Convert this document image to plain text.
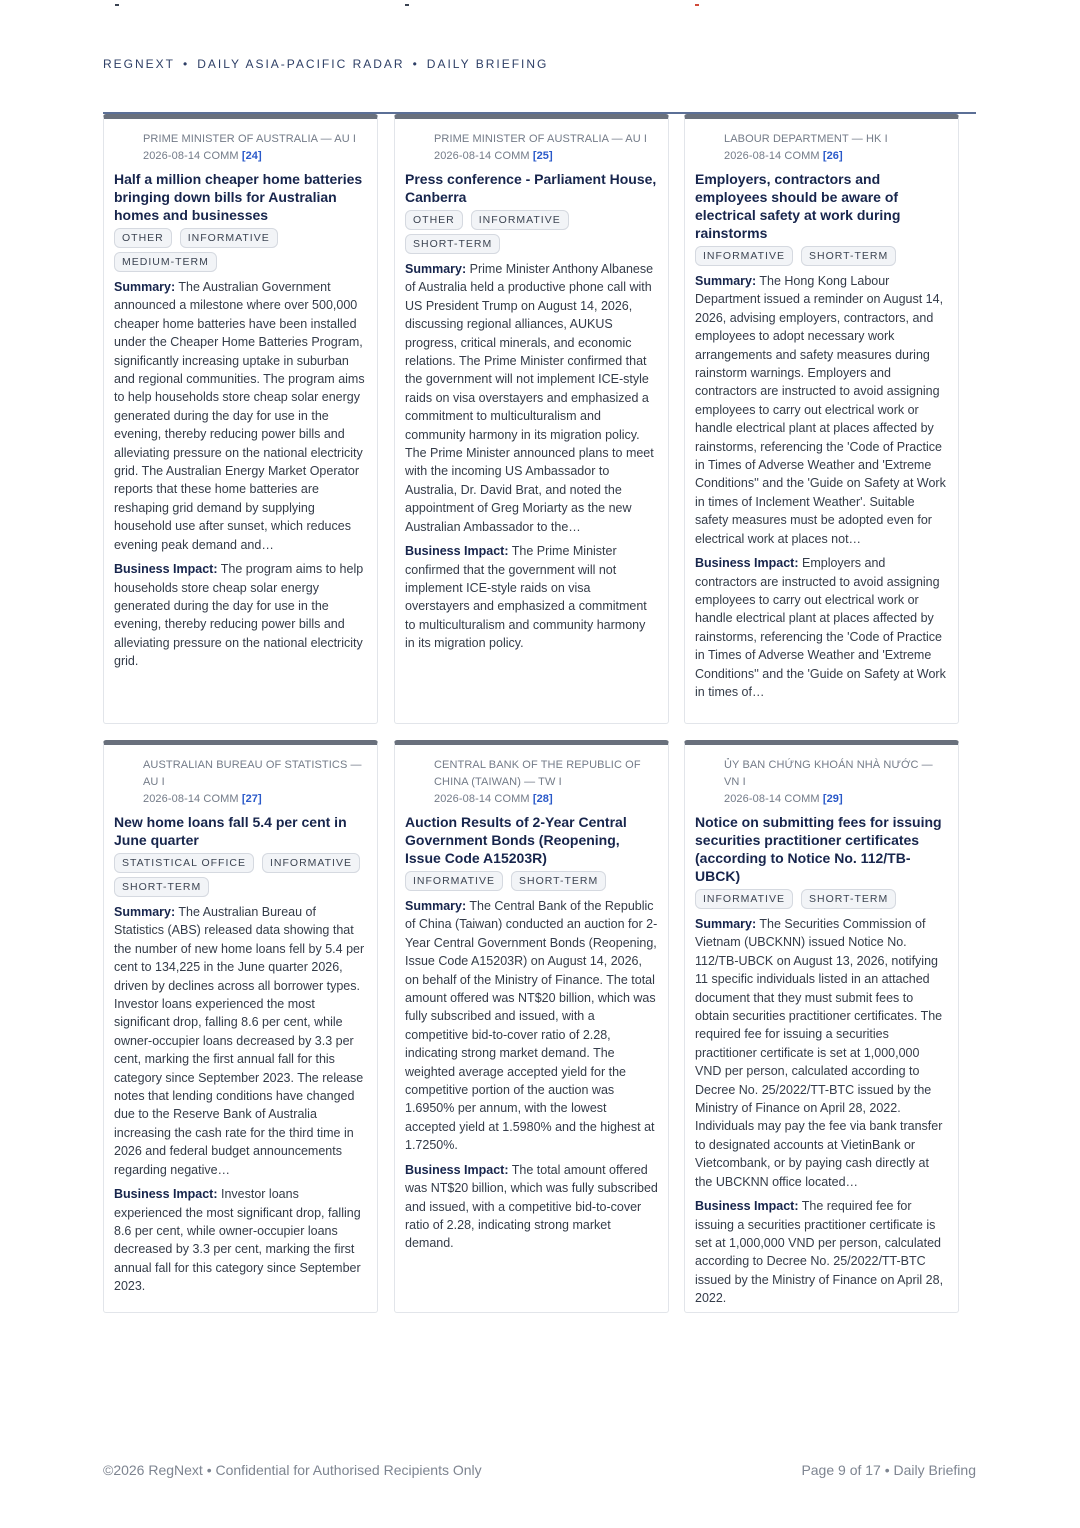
REGNEXT • DAILY ASIA-PACIFIC RADAR • DAILY BRIEFING
PRIME MINISTER OF AUSTRALIA — AU I
2026-08-14 COMM [24]
Half a million cheaper home batteries bringing down bills for Australian homes and businesses
OTHER	INFORMATIVE
MEDIUM-TERM
Summary: The Australian Government announced a milestone where over 500,000 cheaper home batteries have been installed under the Cheaper Home Batteries Program, significantly increasing uptake in suburban and regional communities. The program aims to help households store cheap solar energy generated during the day for use in the evening, thereby reducing power bills and alleviating pressure on the national electricity grid. The Australian Energy Market Operator reports that these home batteries are reshaping grid demand by supplying household use after sunset, which reduces evening peak demand and…
Business Impact: The program aims to help households store cheap solar energy generated during the day for use in the evening, thereby reducing power bills and alleviating pressure on the national electricity grid.
PRIME MINISTER OF AUSTRALIA — AU I
2026-08-14 COMM [25]
Press conference - Parliament House, Canberra
OTHER	INFORMATIVE
SHORT-TERM
Summary: Prime Minister Anthony Albanese of Australia held a productive phone call with US President Trump on August 14, 2026, discussing regional alliances, AUKUS progress, critical minerals, and economic relations. The Prime Minister confirmed that the government will not implement ICE-style raids on visa overstayers and emphasized a commitment to multiculturalism and community harmony in its migration policy. The Prime Minister announced plans to meet with the incoming US Ambassador to Australia, Dr. David Brat, and noted the appointment of Greg Moriarty as the new Australian Ambassador to the…
Business Impact: The Prime Minister confirmed that the government will not implement ICE-style raids on visa overstayers and emphasized a commitment to multiculturalism and community harmony in its migration policy.
LABOUR DEPARTMENT — HK I
2026-08-14 COMM [26]
Employers, contractors and employees should be aware of electrical safety at work during rainstorms
INFORMATIVE	SHORT-TERM
Summary: The Hong Kong Labour Department issued a reminder on August 14, 2026, advising employers, contractors, and employees to adopt necessary work arrangements and safety measures during rainstorm warnings. Employers and contractors are instructed to avoid assigning employees to carry out electrical work or handle electrical plant at places affected by rainstorms, referencing the 'Code of Practice in Times of Adverse Weather and 'Extreme Conditions'' and the 'Guide on Safety at Work in times of Inclement Weather'. Suitable safety measures must be adopted even for electrical work at places not…
Business Impact: Employers and contractors are instructed to avoid assigning employees to carry out electrical work or handle electrical plant at places affected by rainstorms, referencing the 'Code of Practice in Times of Adverse Weather and 'Extreme Conditions'' and the 'Guide on Safety at Work in times of…
AUSTRALIAN BUREAU OF STATISTICS — AU I
2026-08-14 COMM [27]
New home loans fall 5.4 per cent in June quarter
STATISTICAL OFFICE	INFORMATIVE
SHORT-TERM
Summary: The Australian Bureau of Statistics (ABS) released data showing that the number of new home loans fell by 5.4 per cent to 134,225 in the June quarter 2026, driven by declines across all borrower types. Investor loans experienced the most significant drop, falling 8.6 per cent, while owner-occupier loans decreased by 3.3 per cent, marking the first annual fall for this category since September 2023. The release notes that lending conditions have changed due to the Reserve Bank of Australia increasing the cash rate for the third time in 2026 and federal budget announcements regarding negative…
Business Impact: Investor loans experienced the most significant drop, falling 8.6 per cent, while owner-occupier loans decreased by 3.3 per cent, marking the first annual fall for this category since September 2023.
CENTRAL BANK OF THE REPUBLIC OF CHINA (TAIWAN) — TW I
2026-08-14 COMM [28]
Auction Results of 2-Year Central Government Bonds (Reopening, Issue Code A15203R)
INFORMATIVE	SHORT-TERM
Summary: The Central Bank of the Republic of China (Taiwan) conducted an auction for 2-Year Central Government Bonds (Reopening, Issue Code A15203R) on August 14, 2026, on behalf of the Ministry of Finance. The total amount offered was NT$20 billion, which was fully subscribed and issued, with a competitive bid-to-cover ratio of 2.28, indicating strong market demand. The weighted average accepted yield for the competitive portion of the auction was 1.6950% per annum, with the lowest accepted yield at 1.5980% and the highest at 1.7250%.
Business Impact: The total amount offered was NT$20 billion, which was fully subscribed and issued, with a competitive bid-to-cover ratio of 2.28, indicating strong market demand.
ỦY BAN CHỨNG KHOÁN NHÀ NƯỚC — VN I
2026-08-14 COMM [29]
Notice on submitting fees for issuing securities practitioner certificates (according to Notice No. 112/TB-UBCK)
INFORMATIVE	SHORT-TERM
Summary: The Securities Commission of Vietnam (UBCKNN) issued Notice No. 112/TB-UBCK on August 13, 2026, notifying 11 specific individuals listed in an attached document that they must submit fees to obtain securities practitioner certificates. The required fee for issuing a securities practitioner certificate is set at 1,000,000 VND per person, calculated according to Decree No. 25/2022/TT-BTC issued by the Ministry of Finance on April 28, 2022. Individuals may pay the fee via bank transfer to designated accounts at VietinBank or Vietcombank, or by paying cash directly at the UBCKNN office located…
Business Impact: The required fee for issuing a securities practitioner certificate is set at 1,000,000 VND per person, calculated according to Decree No. 25/2022/TT-BTC issued by the Ministry of Finance on April 28, 2022.
©2026 RegNext • Confidential for Authorised Recipients Only	Page 9 of 17 • Daily Briefing
